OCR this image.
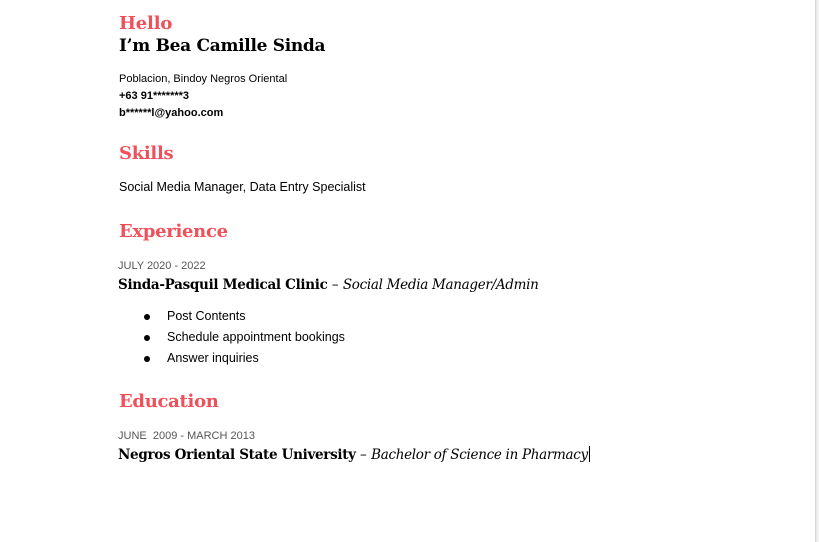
Hello
I’m Bea Camille Sinda
Poblacion, Bindoy Negros Oriental
+63 91*******3
b******l@yahoo.com
Skills
Social Media Manager, Data Entry Specialist
Experience
JULY 2020 - 2022
Sinda-Pasquil Medical Clinic – Social Media Manager/Admin
Post Contents
Schedule appointment bookings
Answer inquiries
Education
JUNE  2009 - MARCH 2013
Negros Oriental State University – Bachelor of Science in Pharmacy
